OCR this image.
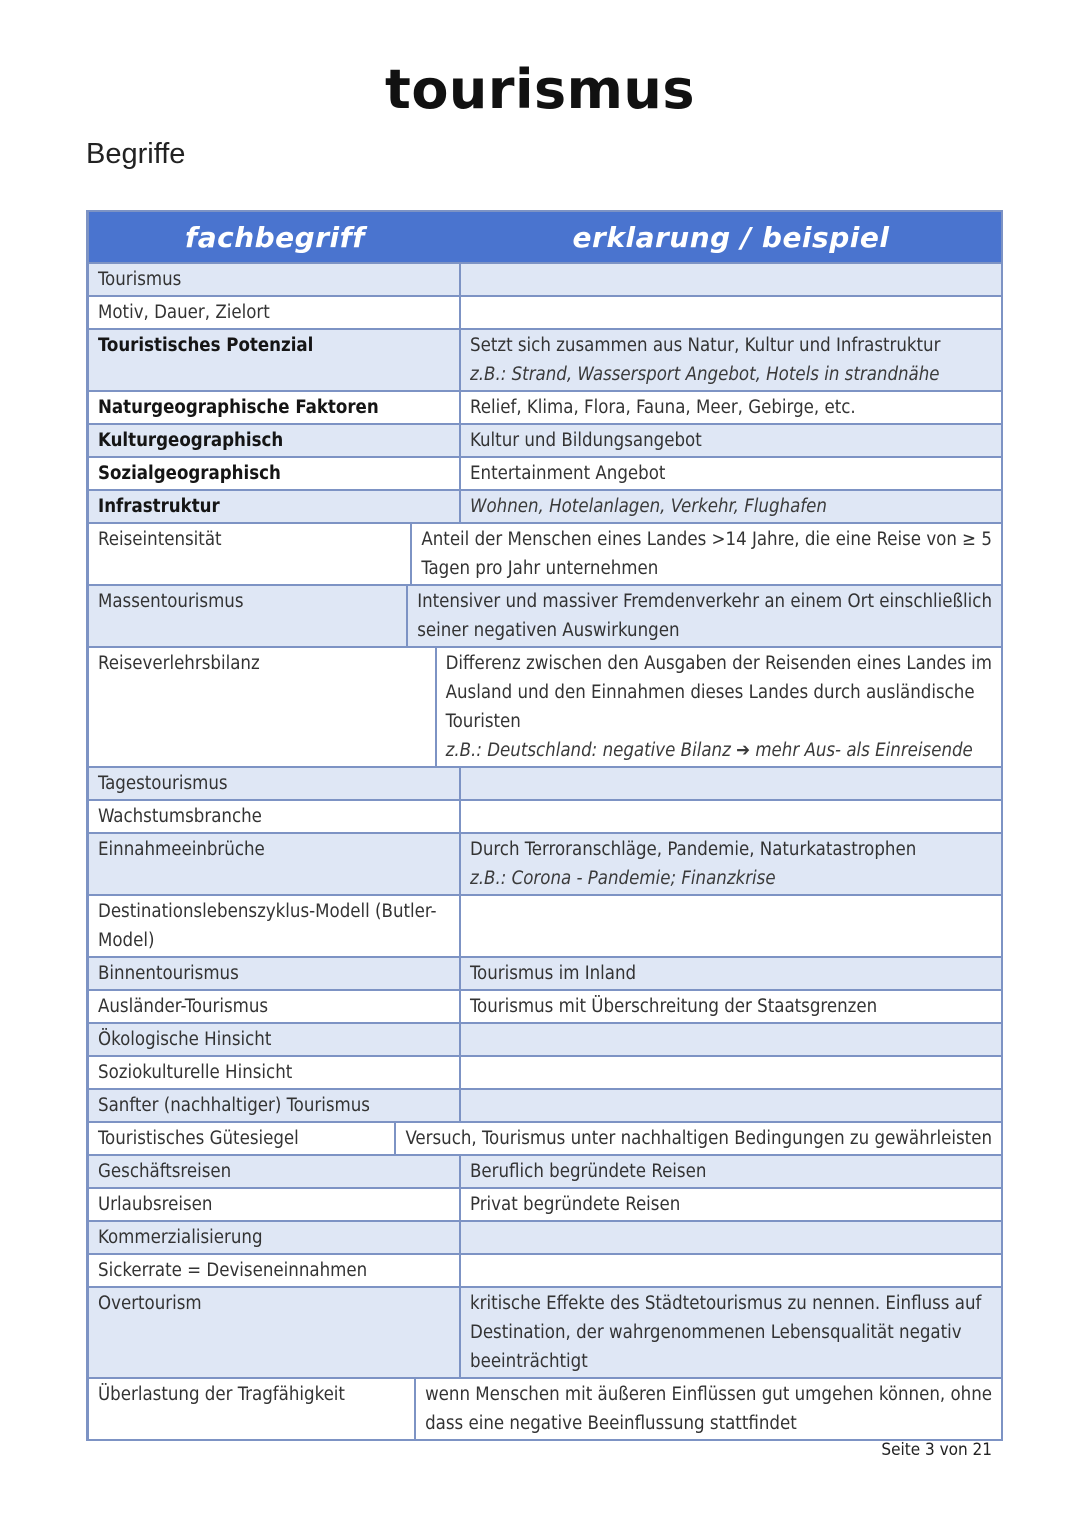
tourismus
Begriffe
fachbegriff	erklarung / beispiel
Tourismus
Motiv, Dauer, Zielort
Touristisches Potenzial	Setzt sich zusammen aus Natur, Kultur und Infrastruktur
z.B.: Strand, Wassersport Angebot, Hotels in strandnähe
Naturgeographische Faktoren	Relief, Klima, Flora, Fauna, Meer, Gebirge, etc.
Kulturgeographisch	Kultur und Bildungsangebot
Sozialgeographisch	Entertainment Angebot
Infrastruktur	Wohnen, Hotelanlagen, Verkehr, Flughafen
Reiseintensität	Anteil der Menschen eines Landes >14 Jahre, die eine Reise von ≥ 5
Tagen pro Jahr unternehmen
Massentourismus	Intensiver und massiver Fremdenverkehr an einem Ort einschließlich
seiner negativen Auswirkungen
Reiseverlehrsbilanz	Differenz zwischen den Ausgaben der Reisenden eines Landes im
Ausland und den Einnahmen dieses Landes durch ausländische
Touristen
z.B.: Deutschland: negative Bilanz ➔ mehr Aus- als Einreisende
Tagestourismus
Wachstumsbranche
Einnahmeeinbrüche	Durch Terroranschläge, Pandemie, Naturkatastrophen
z.B.: Corona - Pandemie; Finanzkrise
Destinationslebenszyklus-Modell (Butler-Model)
Binnentourismus	Tourismus im Inland
Ausländer-Tourismus	Tourismus mit Überschreitung der Staatsgrenzen
Ökologische Hinsicht
Soziokulturelle Hinsicht
Sanfter (nachhaltiger) Tourismus
Touristisches Gütesiegel	Versuch, Tourismus unter nachhaltigen Bedingungen zu gewährleisten
Geschäftsreisen	Beruflich begründete Reisen
Urlaubsreisen	Privat begründete Reisen
Kommerzialisierung
Sickerrate = Deviseneinnahmen
Overtourism	kritische Effekte des Städtetourismus zu nennen. Einfluss auf
Destination, der wahrgenommenen Lebensqualität negativ
beeinträchtigt
Überlastung der Tragfähigkeit	wenn Menschen mit äußeren Einflüssen gut umgehen können, ohne
dass eine negative Beeinflussung stattfindet
Seite 3 von 21
